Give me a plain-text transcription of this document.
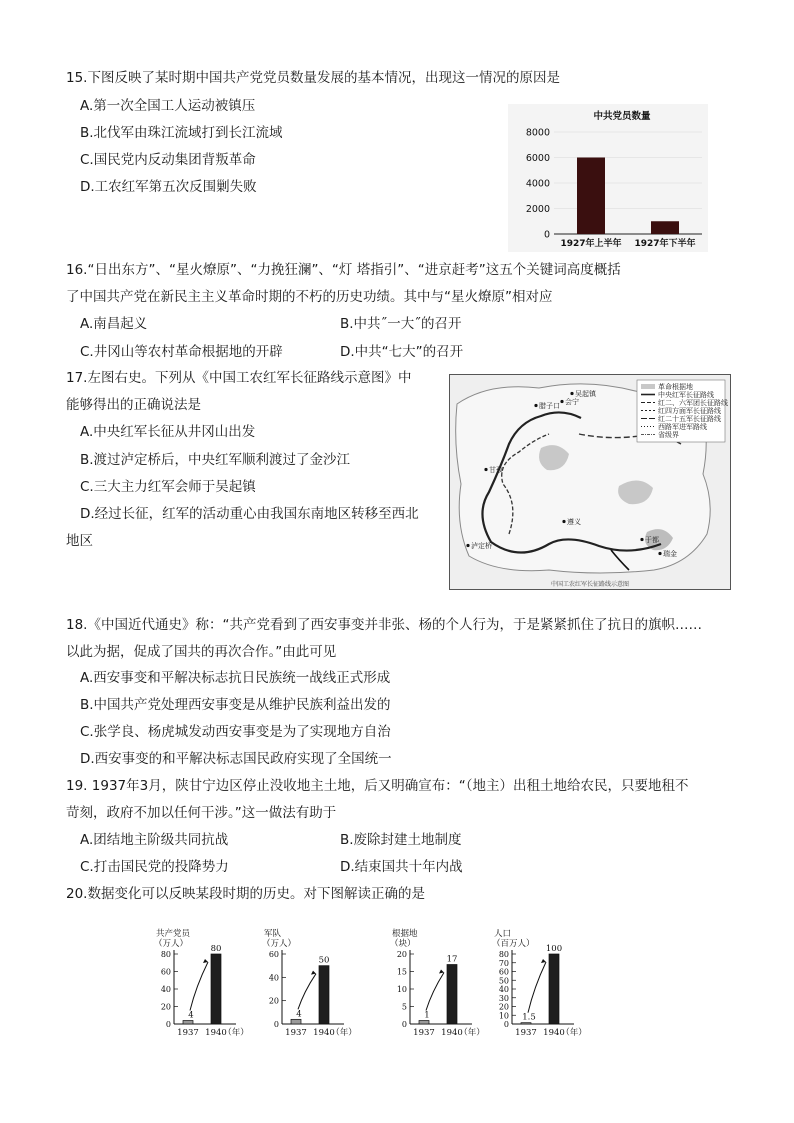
15.下图反映了某时期中国共产党党员数量发展的基本情况，出现这一情况的原因是
A.第一次全国工人运动被镇压
B.北伐军由珠江流域打到长江流域
C.国民党内反动集团背叛革命
D.工农红军第五次反围剿失败
中共党员数量
0
2000
4000
6000
8000
1927年上半年 1927年下半年
16.“日出东方”、“星火燎原”、“力挽狂澜”、“灯 塔指引”、“进京赶考”这五个关键词高度概括
了中国共产党在新民主主义革命时期的不朽的历史功绩。其中与“星火燎原”相对应
A.南昌起义	B.中共˝一大˝的召开
C.井冈山等农村革命根据地的开辟	D.中共“七大”的召开
17.左图右史。下列从《中国工农红军长征路线示意图》中
能够得出的正确说法是
A.中央红军长征从井冈山出发
B.渡过泸定桥后，中央红军顺利渡过了金沙江
C.三大主力红军会师于吴起镇
D.经过长征，红军的活动重心由我国东南地区转移至西北
地区
革命根据地
中央红军长征路线
红二、六军团长征路线
红四方面军长征路线
红二十五军长征路线
西路军进军路线
省级界
会宁
吴起镇
瑞金
泸定桥
腊子口
于都
甘孜
遵义
中国工农红军长征路线示意图
18.《中国近代通史》称：“共产党看到了西安事变并非张、杨的个人行为，于是紧紧抓住了抗日的旗帜……
以此为据，促成了国共的再次合作。”由此可见
A.西安事变和平解决标志抗日民族统一战线正式形成
B.中国共产党处理西安事变是从维护民族利益出发的
C.张学良、杨虎城发动西安事变是为了实现地方自治
D.西安事变的和平解决标志国民政府实现了全国统一
19. 1937年3月，陕甘宁边区停止没收地主土地，后又明确宣布：“（地主）出租土地给农民，只要地租不
苛刻，政府不加以任何干涉。”这一做法有助于
A.团结地主阶级共同抗战	B.废除封建土地制度
C.打击国民党的投降势力	D.结束国共十年内战
20.数据变化可以反映某段时期的历史。对下图解读正确的是
共产党员
（万人）
0
20
40
60
80
4
1937
80
1940
（年）
军队
（万人）
0
20
40
60
4
1937
50
1940
（年）
根据地
（块）
0
5
10
15
20
1
1937
17
1940
（年）
人口
（百万人）
0
10
20
30
40
50
60
70
80
1.5
1937
100
1940
（年）
